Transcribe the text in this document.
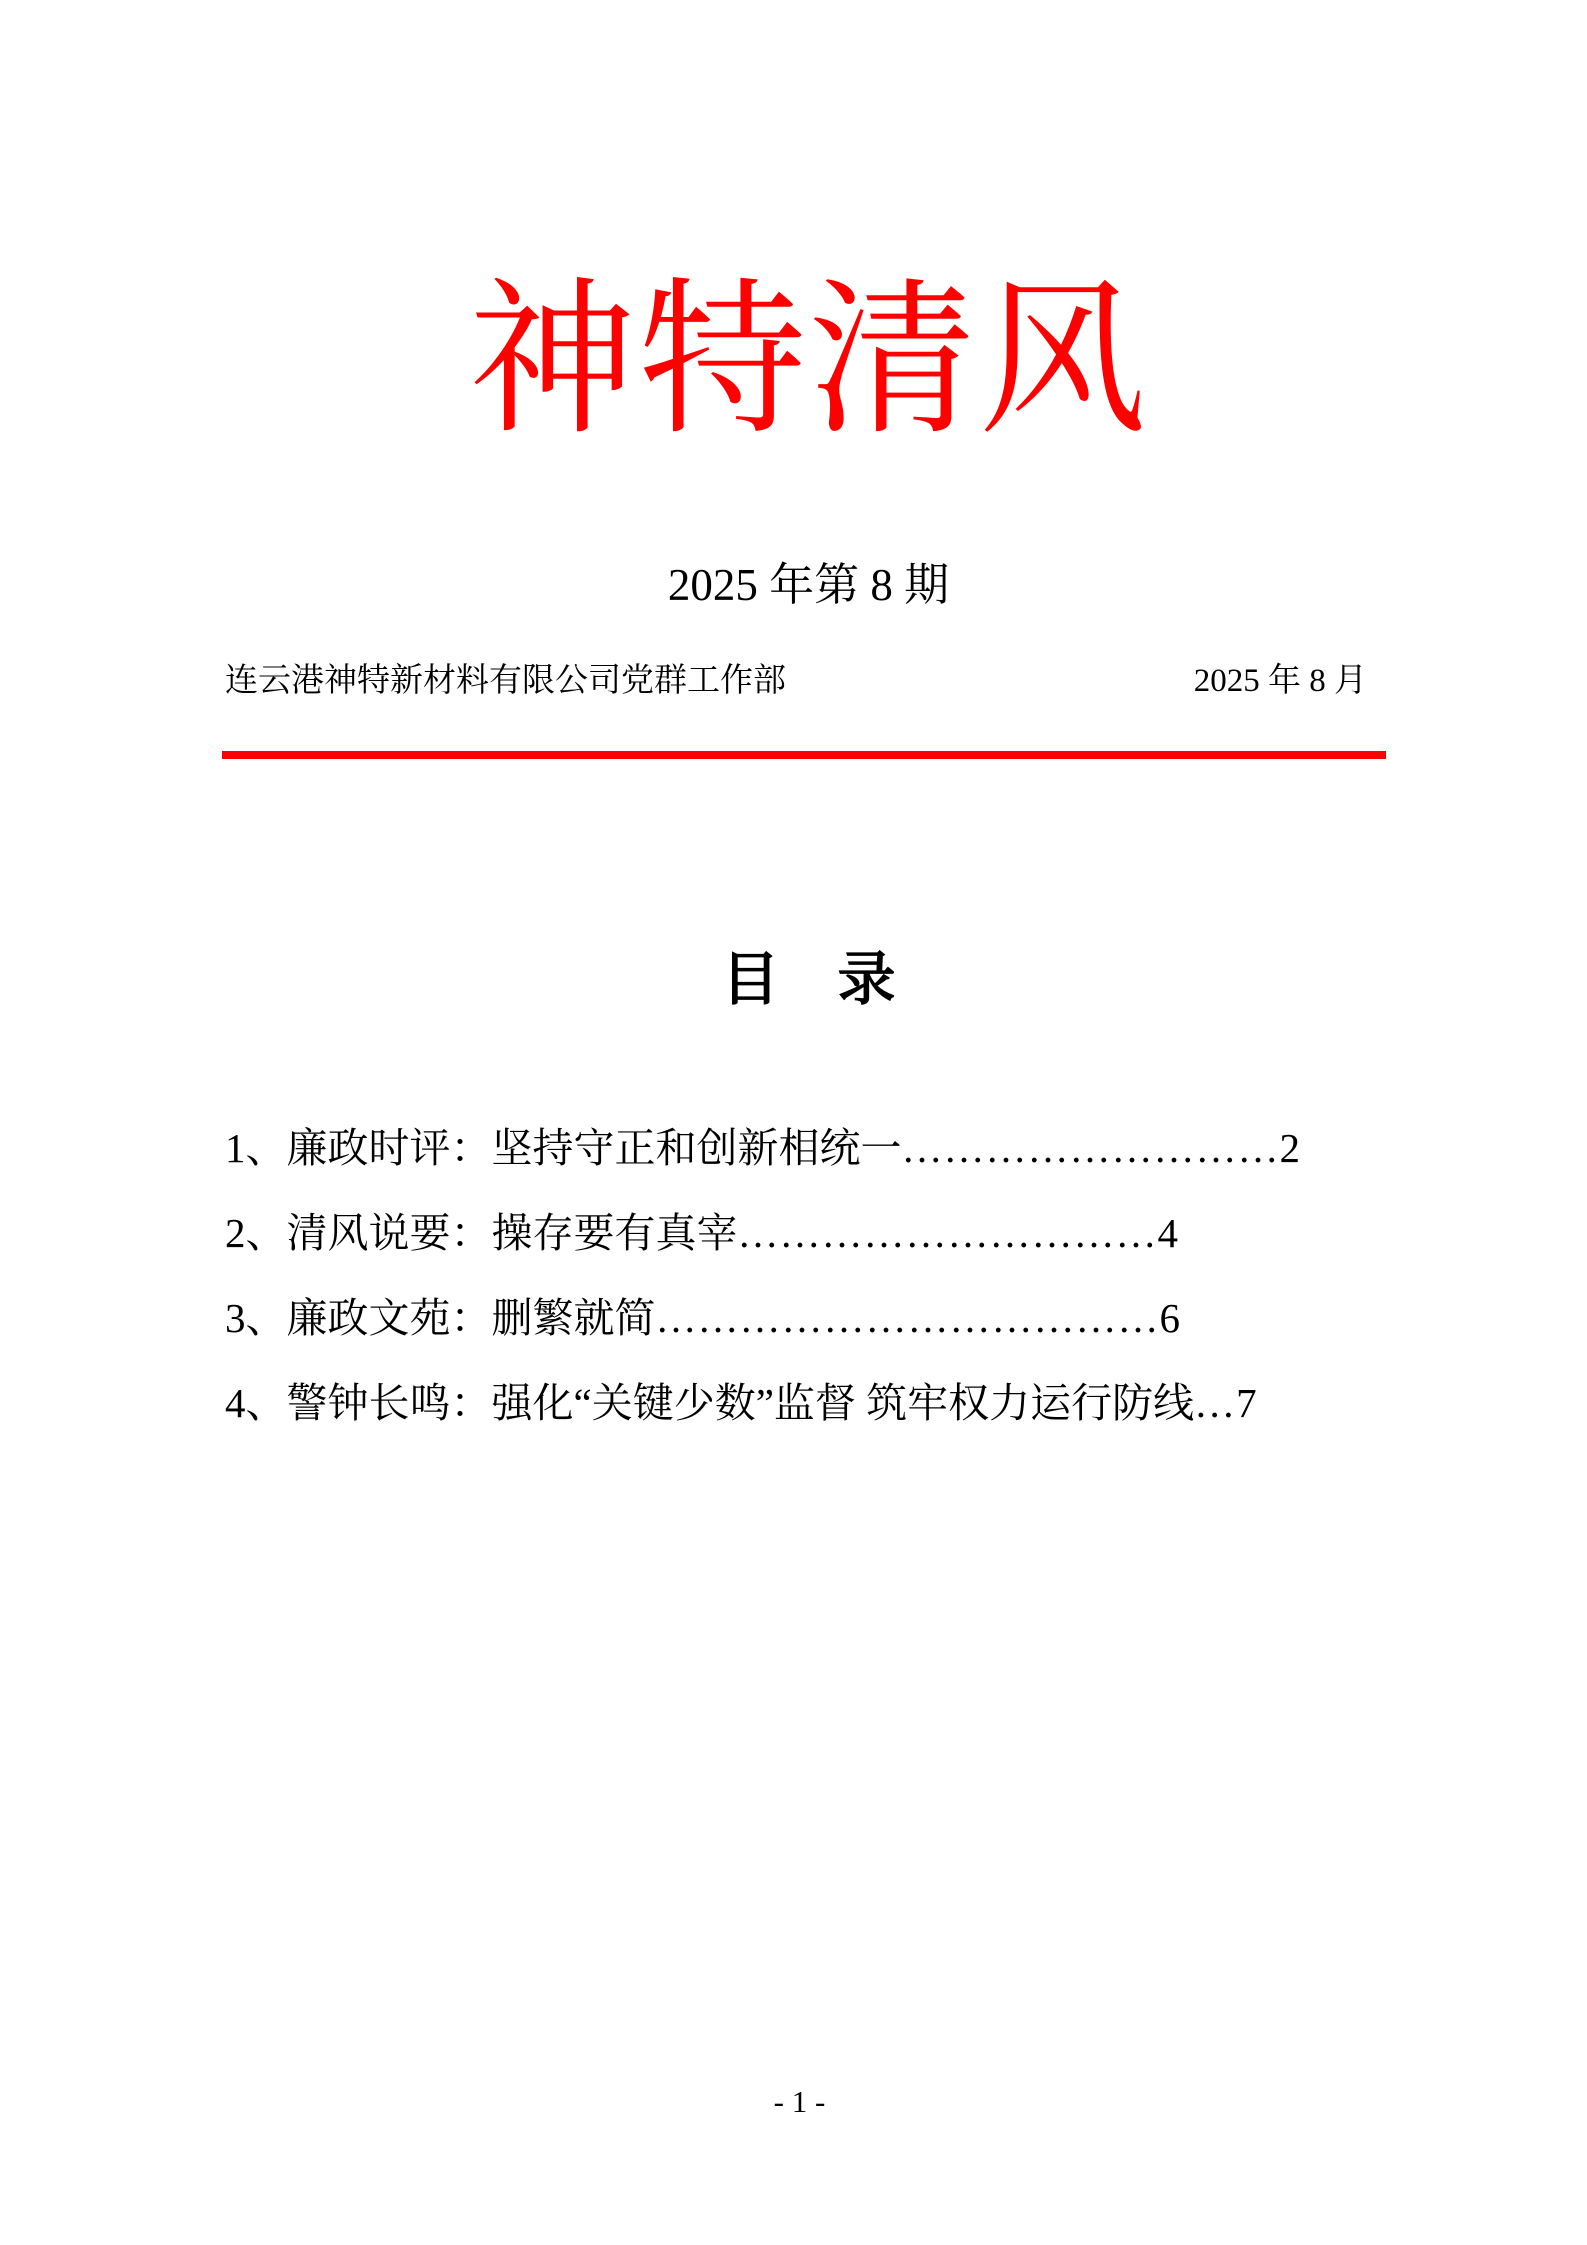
神特清风
2025 年第 8 期
连云港神特新材料有限公司党群工作部	2025 年 8 月
目　录
1、廉政时评：坚持守正和创新相统一………………………2
2、清风说要：操存要有真宰…………………………4
3、廉政文苑：删繁就简………………………………6
4、警钟长鸣：强化“关键少数”监督 筑牢权力运行防线…7
- 1 -
